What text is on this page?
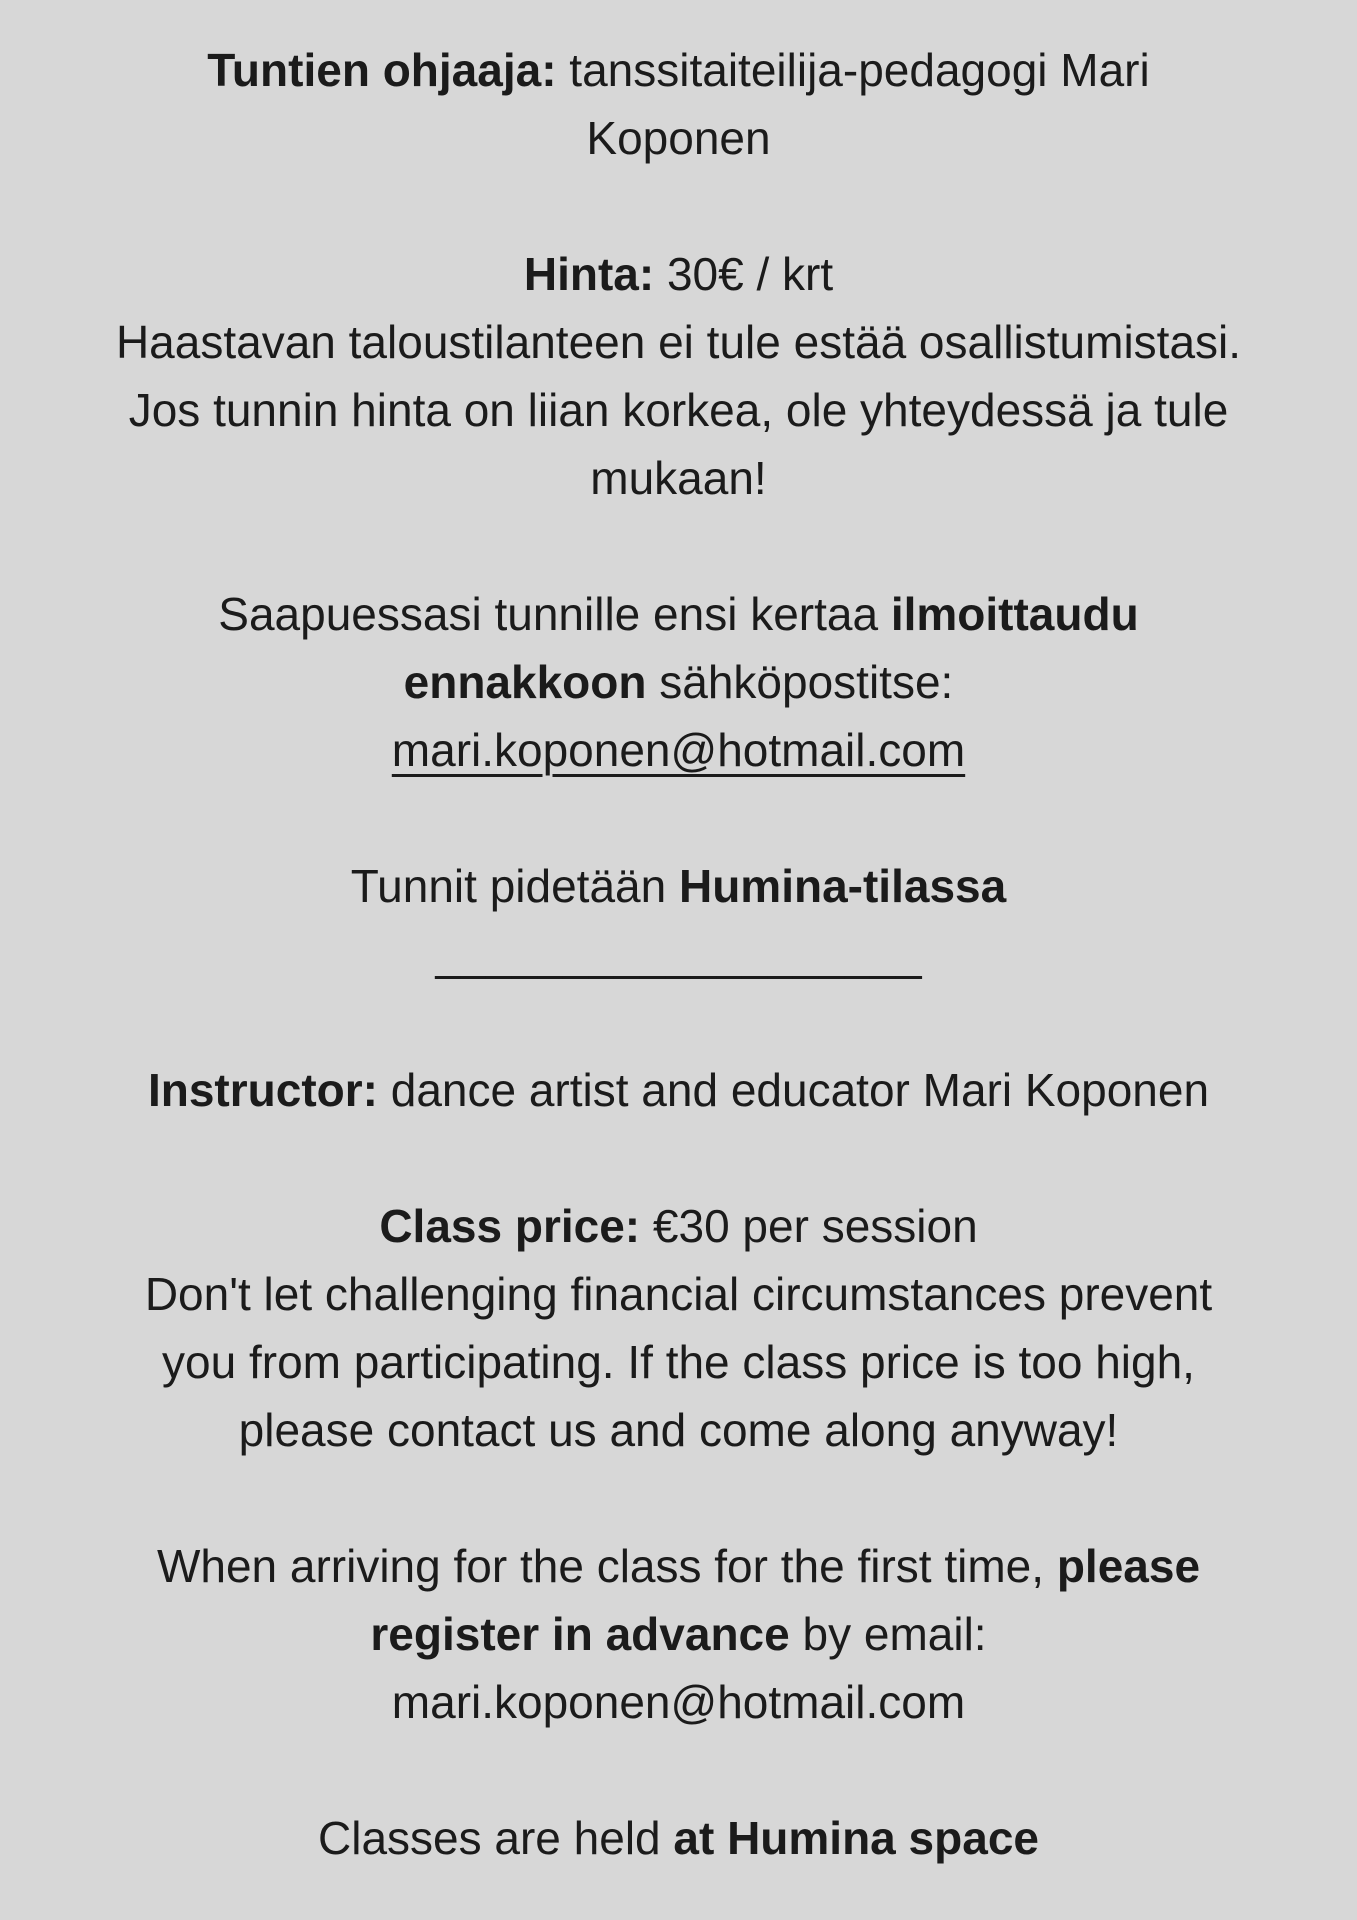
Tuntien ohjaaja: tanssitaiteilija-pedagogi Mari
Koponen

Hinta: 30€ / krt
Haastavan taloustilanteen ei tule estää osallistumistasi.
Jos tunnin hinta on liian korkea, ole yhteydessä ja tule
mukaan!

Saapuessasi tunnille ensi kertaa ilmoittaudu
ennakkoon sähköpostitse:
mari.koponen@hotmail.com

Tunnit pidetään Humina-tilassa
___________________

Instructor: dance artist and educator Mari Koponen

Class price: €30 per session
Don't let challenging financial circumstances prevent
you from participating. If the class price is too high,
please contact us and come along anyway!

When arriving for the class for the first time, please
register in advance by email:
mari.koponen@hotmail.com

Classes are held at Humina space
